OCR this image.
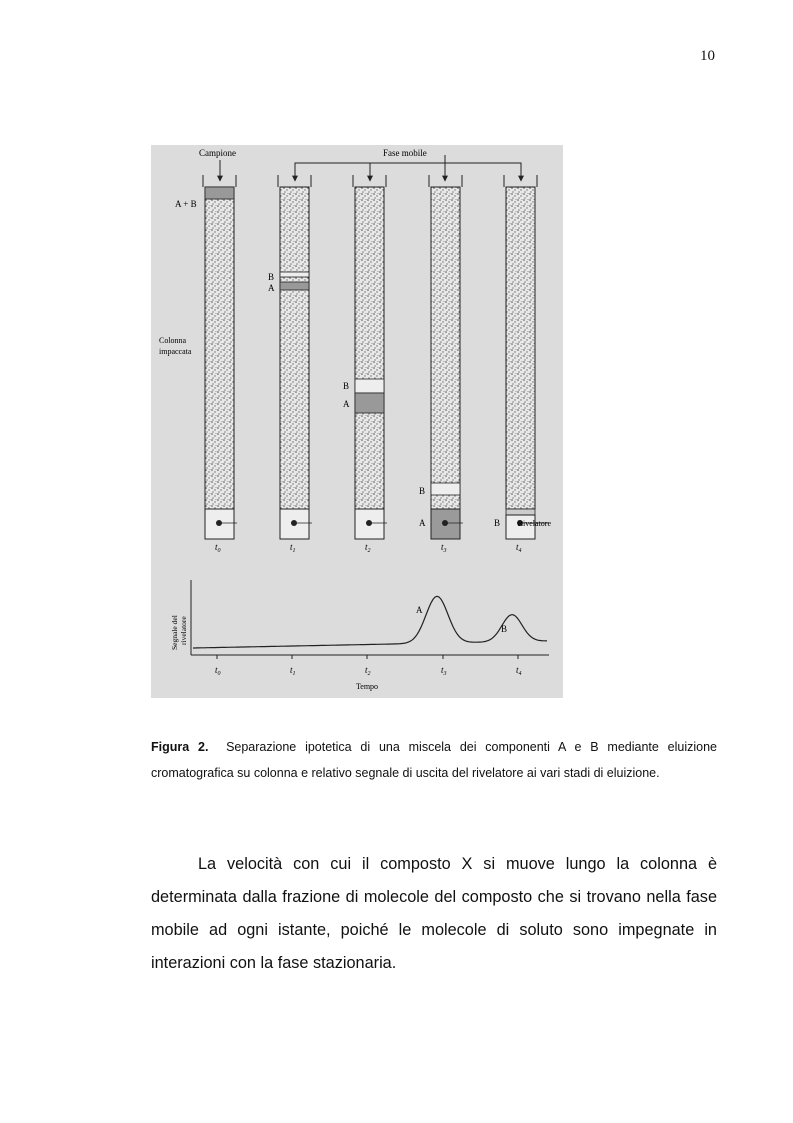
10
Campione	Fase mobile
A + B
Colonna
impaccata
B
A
B
A
B
A	B Rivelatore
$t_0$	$t_1$	$t_2$	$t_3$	$t_4$
Segnale del rivelatore
A
B
$t_0$	$t_1$	$t_2$	$t_3$	$t_4$
Tempo
Figura 2. Separazione ipotetica di una miscela dei componenti A e B mediante eluizione cromatografica su colonna e relativo segnale di uscita del rivelatore ai vari stadi di eluizione.

La velocità con cui il composto X si muove lungo la colonna è determinata dalla frazione di molecole del composto che si trovano nella fase mobile ad ogni istante, poiché le molecole di soluto sono impegnate in interazioni con la fase stazionaria.
